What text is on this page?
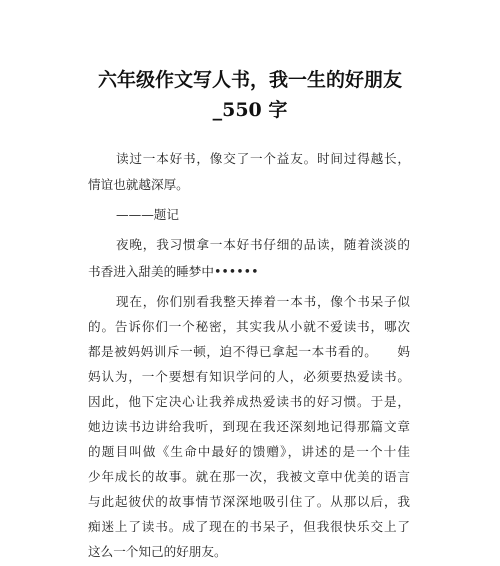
六年级作文写人书，我一生的好朋友
_550 字
读过一本好书，像交了一个益友。时间过得越长，
情谊也就越深厚。
———题记
夜晚，我习惯拿一本好书仔细的品读，随着淡淡的
书香进入甜美的睡梦中••••••
现在，你们别看我整天捧着一本书，像个书呆子似
的。告诉你们一个秘密，其实我从小就不爱读书，哪次
都是被妈妈训斥一顿，迫不得已拿起一本书看的。　　妈
妈认为，一个要想有知识学问的人，必须要热爱读书。
因此，他下定决心让我养成热爱读书的好习惯。于是，
她边读书边讲给我听，到现在我还深刻地记得那篇文章
的题目叫做《生命中最好的馈赠》，讲述的是一个十佳
少年成长的故事。就在那一次，我被文章中优美的语言
与此起彼伏的故事情节深深地吸引住了。从那以后，我
痴迷上了读书。成了现在的书呆子，但我很快乐交上了
这么一个知己的好朋友。
